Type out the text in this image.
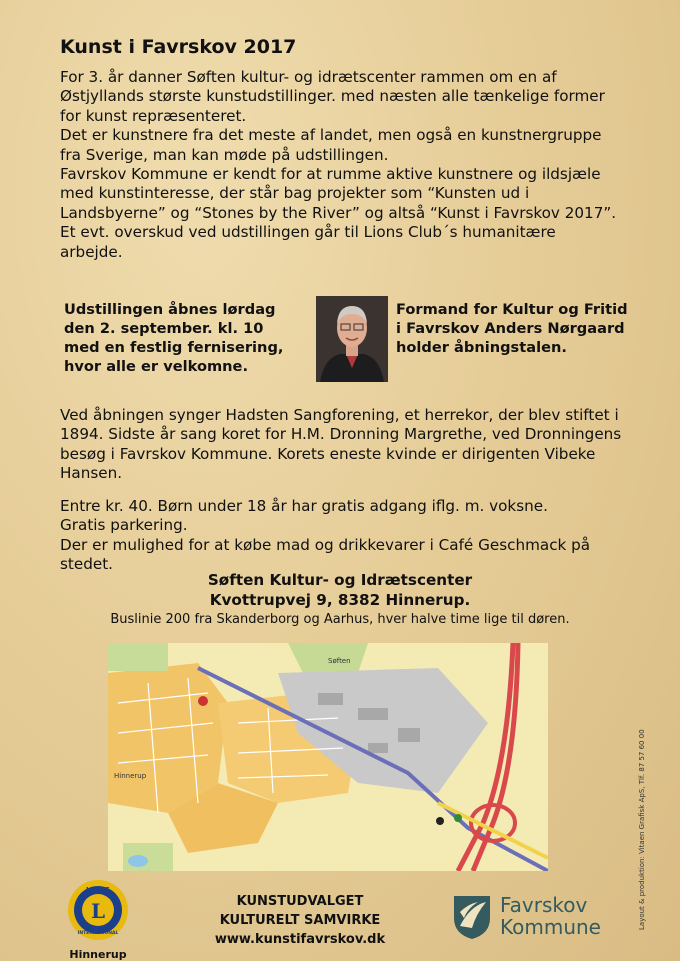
Kunst i Favrskov 2017

For 3. år danner Søften kultur- og idrætscenter rammen om en af Østjyllands største kunstudstillinger. med næsten alle tænkelige former for kunst repræsenteret.

Det er kunstnere fra det meste af landet, men også en kunstnergruppe fra Sverige, man kan møde på udstillingen.

Favrskov Kommune er kendt for at rumme aktive kunstnere og ildsjæle med kunstinteresse, der står bag projekter som “Kunsten ud i Landsbyerne” og “Stones by the River” og altså “Kunst i Favrskov 2017”.

Et evt. overskud ved udstillingen går til Lions Club´s humanitære arbejde.

Udstillingen åbnes lørdag den 2. september. kl. 10 med en festlig fernisering, hvor alle er velkomne.
Formand for Kultur og Fritid i Favrskov Anders Nørgaard holder åbningstalen.
Ved åbningen synger Hadsten Sangforening, et herrekor, der blev stiftet i 1894. Sidste år sang koret for H.M. Dronning Margrethe, ved Dronningens besøg i Favrskov Kommune. Korets eneste kvinde er dirigenten Vibeke Hansen.

Entre kr. 40. Børn under 18 år har gratis adgang iflg. m. voksne.

Gratis parkering.

Der er mulighed for at købe mad og drikkevarer i Café Geschmack på stedet.

Søften Kultur- og Idrætscenter
Kvottrupvej 9, 8382 Hinnerup.
Buslinie 200 fra Skanderborg og Aarhus, hver halve time lige til døren.
Hinnerup
Søften
L
LIONS
INTERNATIONAL
Hinnerup
KUNSTUDVALGET
KULTURELT SAMVIRKE
www.kunstifavrskov.dk
Favrskov
Kommune	Layout & produktion: Vitaen Grafisk ApS, Tlf. 87 57 60 00
